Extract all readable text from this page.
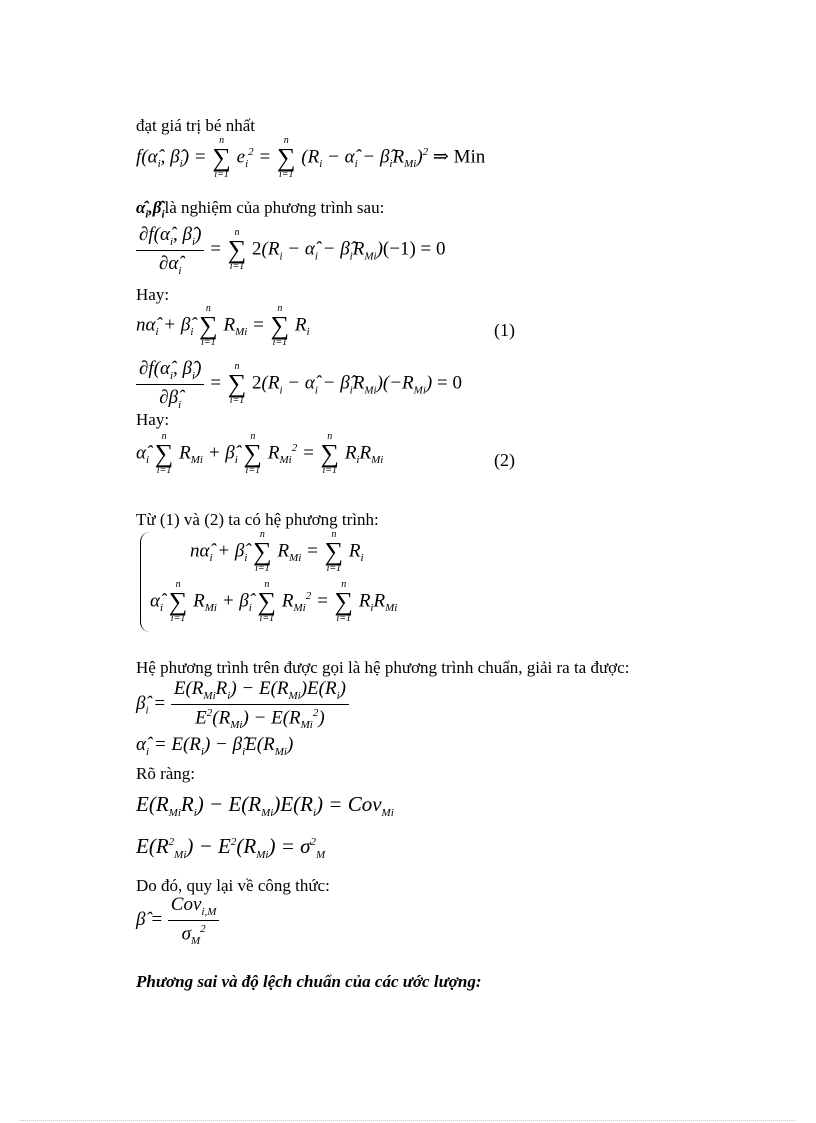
đạt giá trị bé nhất
$f(\alphâ_i$, $\betâ_i$) =
n
∑
i=1
$e_i^2$ =
n
∑
i=1
($R_i$ − $\alphâ_i$ − $\betâ_iR_{Mi})^2$ ⇒ Min
$\alphâ_i,\betâ_ilà$ nghiệm của phương trình sau:
$\frac{\partial f(\alphâ_i, \betâ_i)}{\partial\alphâ_i}$ =
n
∑
i=1
$2(R_i$ − $\alphâ_i$ − $\betâ_iR_{Mi})(-1) = 0$
Hay:
$n\alphâ_i$ + $\betâ_i$
n
∑
i=1
$R_{Mi}$ =
n
∑
i=1
$R_i$	(1)
$\frac{\partial f(\alphâ_i, \betâ_i)}{\partial\betâ_i}$ =
n
∑
i=1
$2(R_i$ − $\alphâ_i$ − $\betâ_iR_{Mi})(-R_{Mi}) = 0$
Hay:
$\alphâ_i$
n
∑
i=1
$R_{Mi}$ + $\betâ_i$
n
∑
i=1
$R_{Mi}^2$ =
n
∑
i=1
$R_iR_{Mi}$	(2)
Từ (1) và (2) ta có hệ phương trình:
$n\alphâ_i$ + $\betâ_i$
n
∑
i=1
$R_{Mi}$ =
n
∑
i=1
$R_i$
$\alphâ_i$
n
∑
i=1
$R_{Mi}$ + $\betâ_i$
n
∑
i=1
$R_{Mi}^2$ =
n
∑
i=1
$R_iR_{Mi}$
Hệ phương trình trên được gọi là hệ phương trình chuẩn, giải ra ta được:
$\betâ_i = \frac{E(R_{Mi}R_i) - E(R_{Mi})E(R_i)}{E^2(R_{Mi}) - E(R_{Mi}^2)}$
$\alphâ_i = E(R_i)$ − $\betâ_iE(R_{Mi})$
Rõ ràng:
$E(R_{Mi}R_i) - E(R_{Mi})E(R_i) = Cov_{Mi}$
$E(R^2_{Mi}) - E^2(R_{Mi}) = \sigma^2_M$
Do đó, quy lại về công thức:
β̂ = $\frac{Cov_{i,M}}{\sigma_M^2}$
Phương sai và độ lệch chuẩn của các ước lượng:
